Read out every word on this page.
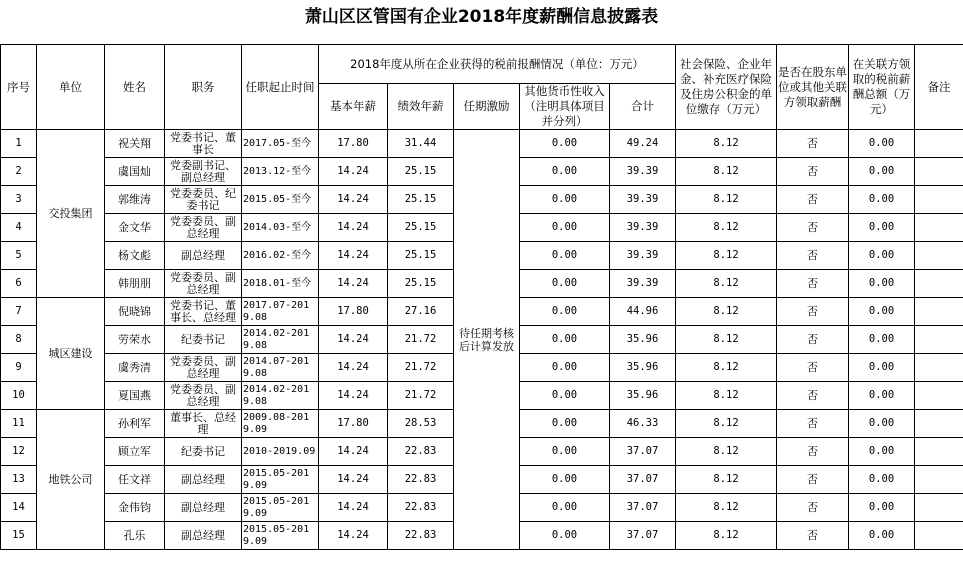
萧山区区管国有企业2018年度薪酬信息披露表
序号	单位	姓名	职务	任职起止时间	2018年度从所在企业获得的税前报酬情况（单位：万元）					社会保险、企业年金、补充医疗保险及住房公积金的单位缴存（万元）	是否在股东单位或其他关联方领取薪酬	在关联方领取的税前薪酬总额（万元）	备注
					基本年薪	绩效年薪	任期激励	其他货币性收入（注明具体项目并分列）	合计				
1	交投集团	祝关翔	党委书记、董事长	2017.05-至今	17.80	31.44	待任期考核后计算发放	0.00	49.24	8.12	否	0.00	
2		虞国灿	党委副书记、副总经理	2013.12-至今	14.24	25.15		0.00	39.39	8.12	否	0.00	
3		郭维涛	党委委员、纪委书记	2015.05-至今	14.24	25.15		0.00	39.39	8.12	否	0.00	
4		金文华	党委委员、副总经理	2014.03-至今	14.24	25.15		0.00	39.39	8.12	否	0.00	
5		杨文彪	副总经理	2016.02-至今	14.24	25.15		0.00	39.39	8.12	否	0.00	
6		韩朋朋	党委委员、副总经理	2018.01-至今	14.24	25.15		0.00	39.39	8.12	否	0.00	
7	城区建设	倪晓锦	党委书记、董事长、总经理	2017.07-2019.08	17.80	27.16		0.00	44.96	8.12	否	0.00	
8		劳荣水	纪委书记	2014.02-2019.08	14.24	21.72		0.00	35.96	8.12	否	0.00	
9		虞秀清	党委委员、副总经理	2014.07-2019.08	14.24	21.72		0.00	35.96	8.12	否	0.00	
10		夏国燕	党委委员、副总经理	2014.02-2019.08	14.24	21.72		0.00	35.96	8.12	否	0.00	
11	地铁公司	孙利军	董事长、总经理	2009.08-2019.09	17.80	28.53		0.00	46.33	8.12	否	0.00	
12		顾立军	纪委书记	2010-2019.09	14.24	22.83		0.00	37.07	8.12	否	0.00	
13		任文祥	副总经理	2015.05-2019.09	14.24	22.83		0.00	37.07	8.12	否	0.00	
14		金伟钧	副总经理	2015.05-2019.09	14.24	22.83		0.00	37.07	8.12	否	0.00	
15		孔乐	副总经理	2015.05-2019.09	14.24	22.83		0.00	37.07	8.12	否	0.00	
